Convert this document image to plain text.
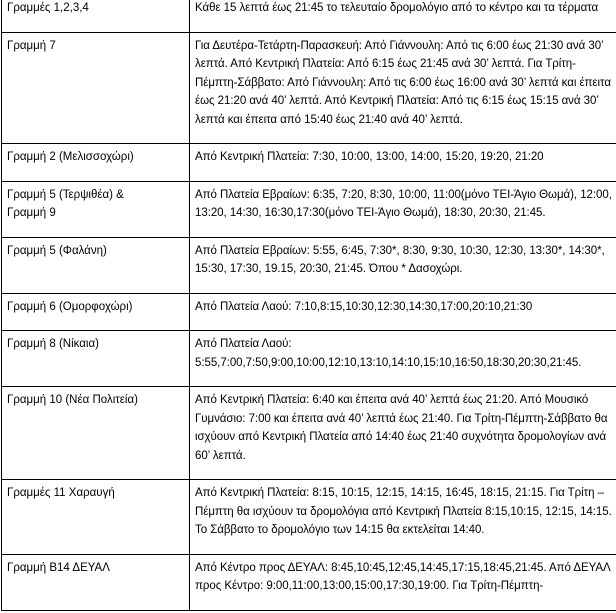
Γραμμές 1,2,3,4	Κάθε 15 λεπτά έως 21:45 το τελευταίο δρομολόγιο από το κέντρο και τα τέρματα
Γραμμή 7	Για Δευτέρα-Τετάρτη-Παρασκευή: Από Γιάννουλη: Από τις 6:00 έως 21:30 ανά 30’ λεπτά. Από Κεντρική Πλατεία: Από 6:15 έως 21:45 ανά 30’ λεπτά. Για Τρίτη-Πέμπτη-Σάββατο: Από Γιάννουλη: Από τις 6:00 έως 16:00 ανά 30’ λεπτά και έπειτα έως 21:20 ανά 40’ λεπτά. Από Κεντρική Πλατεία: Από τις 6:15 έως 15:15 ανά 30’ λεπτά και έπειτα από 15:40 έως 21:40 ανά 40’ λεπτά.
Γραμμή 2 (Μελισσοχώρι)	Από Κεντρική Πλατεία: 7:30, 10:00, 13:00, 14:00, 15:20, 19:20, 21:20
Γραμμή 5 (Τερψιθέα) &
Γραμμή 9	Από Πλατεία Εβραίων: 6:35, 7:20, 8:30, 10:00, 11:00(μόνο ΤΕΙ-Άγιο Θωμά), 12:00, 13:20, 14:30, 16:30,17:30(μόνο ΤΕΙ-Άγιο Θωμά), 18:30, 20:30, 21:45.
Γραμμή 5 (Φαλάνη)	Από Πλατεία Εβραίων: 5:55, 6:45, 7:30*, 8:30, 9:30, 10:30, 12:30, 13:30*, 14:30*, 15:30, 17:30, 19.15, 20:30, 21:45. Όπου * Δασοχώρι.
Γραμμή 6 (Ομορφοχώρι)	Από Πλατεία Λαού: 7:10,8:15,10:30,12:30,14:30,17:00,20:10,21:30
Γραμμή 8 (Νίκαια)	Από Πλατεία Λαού:
5:55,7:00,7:50,9:00,10:00,12:10,13:10,14:10,15:10,16:50,18:30,20:30,21:45.
Γραμμή 10 (Νέα Πολιτεία)	Από Κεντρική Πλατεία: 6:40 και έπειτα ανά 40’ λεπτά έως 21:20. Από Μουσικό Γυμνάσιο: 7:00 και έπειτα ανά 40’ λεπτά έως 21:40. Για Τρίτη-Πέμπτη-Σάββατο θα ισχύουν από Κεντρική Πλατεία από 14:40 έως 21:40 συχνότητα δρομολογίων ανά 60’ λεπτά.
Γραμμές 11 Χαραυγή	Από Κεντρική Πλατεία: 8:15, 10:15, 12:15, 14:15, 16:45, 18:15, 21:15. Για Τρίτη – Πέμπτη θα ισχύουν τα δρομολόγια από Κεντρική Πλατεία 8:15,10:15, 12:15, 14:15. Το Σάββατο το δρομολόγιο των 14:15 θα εκτελείται 14:40.
Γραμμή Β14 ΔΕΥΑΛ	Από Κέντρο προς ΔΕΥΑΛ: 8:45,10:45,12:45,14:45,17:15,18:45,21:45. Από ΔΕΥΑΛ προς Κέντρο: 9:00,11:00,13:00,15:00,17:30,19:00. Για Τρίτη-Πέμπτη-
